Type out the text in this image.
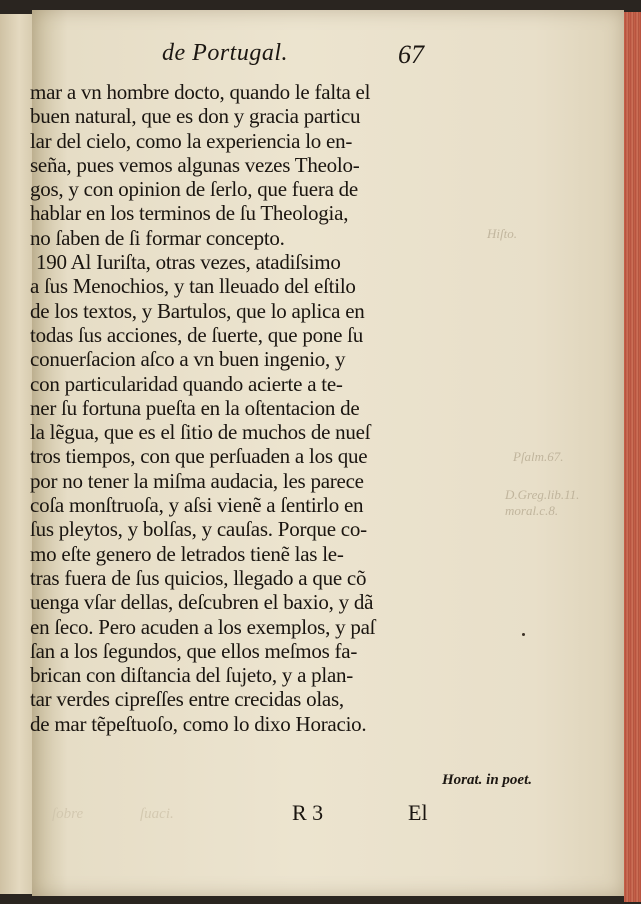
de Portugal.	67
mar a vn hombre docto, quando le falta el
buen natural, que es don y gracia particu
lar del cielo, como la experiencia lo en-
seña, pues vemos algunas vezes Theolo-
gos, y con opinion de ſerlo, que fuera de
hablar en los terminos de ſu Theologia,
no ſaben de ſi formar concepto.
190 Al Iuriſta, otras vezes, atadiſsimo
a ſus Menochios, y tan lleuado del eſtilo
de los textos, y Bartulos, que lo aplica en
todas ſus acciones, de ſuerte, que pone ſu
conuerſacion aſco a vn buen ingenio, y
con particularidad quando acierte a te-
ner ſu fortuna pueſta en la oſtentacion de
la lẽgua, que es el ſitio de muchos de nueſ
tros tiempos, con que perſuaden a los que
por no tener la miſma audacia, les parece
coſa monſtruoſa, y aſsi vienẽ a ſentirlo en
ſus pleytos, y bolſas, y cauſas. Porque co-
mo eſte genero de letrados tienẽ las le-
tras fuera de ſus quicios, llegado a que cõ
uenga vſar dellas, deſcubren el baxio, y dã
en ſeco. Pero acuden a los exemplos, y paſ
ſan a los ſegundos, que ellos meſmos fa-
brican con diſtancia del ſujeto, y a plan-
tar verdes cipreſſes entre crecidas olas,
de mar tẽpeſtuoſo, como lo dixo Horacio.
Hiſto.
Pſalm.67.
D.Greg.lib.11.
moral.c.8.
ſobre	ſuaci.
Horat. in poet.
R 3	El
